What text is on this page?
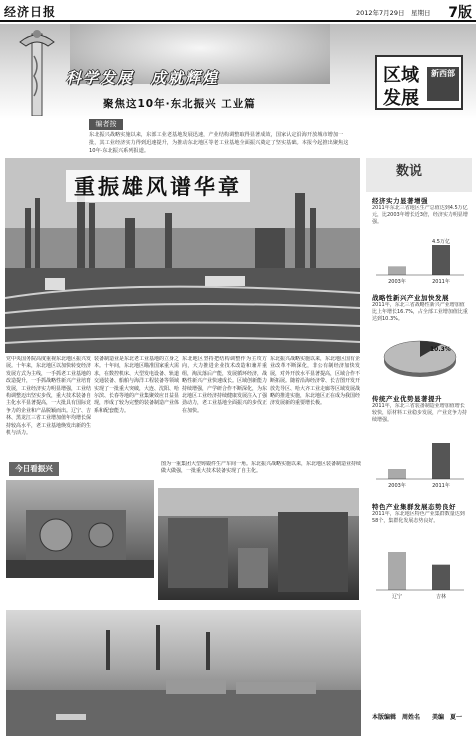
经济日报	2012年7月29日　星期日 7版
科学发展　成就辉煌
聚焦这10年·东北振兴 工业篇
区域
发展
新西部
编者按
东北振兴战略实施以来，东部工业老基地发展迅速，产业结构调整取得显著成效，国家认定沿海开放城市增加一批，其工业经济实力得到迅速提升，为推动东北地区等老工业基地全面振兴奠定了坚实基础。本报今起推出聚焦这10年·东北振兴系列报道。
重振雄风谱华章
党中央国务院高度重视东北地区振兴发展。十年来，东北地区以加快转变经济发展方式为主线，一手抓老工业基地的改造提升，一手抓战略性新兴产业培育发展，工业经济实力明显增强，工业结构调整迈出坚实步伐，重大技术装备自主化水平显著提高，一大批具有国际竞争力的企业和产品脱颖而出。辽宁、吉林、黑龙江三省工业增加值年均增长保持较高水平，老工业基地焕发出新的生机与活力。
装备制造业是东北老工业基地的立身之本。十年间，东北地区瞄准国家重大需求，在数控机床、大型发电设备、轨道交通装备、船舶与海洋工程装备等领域实现了一批重大突破，大连、沈阳、哈尔滨、长春等地的产业集聚效应日益显现，形成了较为完整的装备制造产业体系和配套能力。
东北地区坚持把结构调整作为主攻方向，大力推进企业技术改造和兼并重组，淘汰落后产能，发展循环经济，战略性新兴产业快速成长。区域创新能力持续增强，产学研合作不断深化，为东北地区工业经济持续健康发展注入了强劲动力，老工业基地全面振兴的步伐正在加快。
东北振兴战略实施以来，东北地区国有企业改革不断深化，非公有制经济加快发展，对外开放水平显著提高，区域合作不断拓展。随着沿海经济带、长吉图开发开放先导区、哈大齐工业走廊等区域发展战略的推进实施，东北地区正在成为我国经济发展新的重要增长极。
今日看振兴	图为一重集团大型铸锻件生产车间一角。东北振兴战略实施以来，东北地区装备制造业持续做大做强，一批重大技术装备实现了自主化。
数说
经济实力显著增强
2011年东北三省地区生产总值达到4.5万亿元，比2003年增长近3倍，经济实力明显增强。
2003年	2011年
4.5万亿
战略性新兴产业加快发展
2011年，东北三省战略性新兴产业增加值比上年增长16.7%，占全部工业增加值比重达到10.3%。
10.3%
传统产业优势显著提升
2011年，东北三省装备制造业增加值增长较快，原材料工业稳步发展，产业竞争力持续增强。
2003年	2011年
特色产业集群发展态势良好
2011年，东北地区特色产业集群数量达到58个，集群化发展态势良好。
辽宁	吉林
本版编辑　周姓名　　美编　夏一
